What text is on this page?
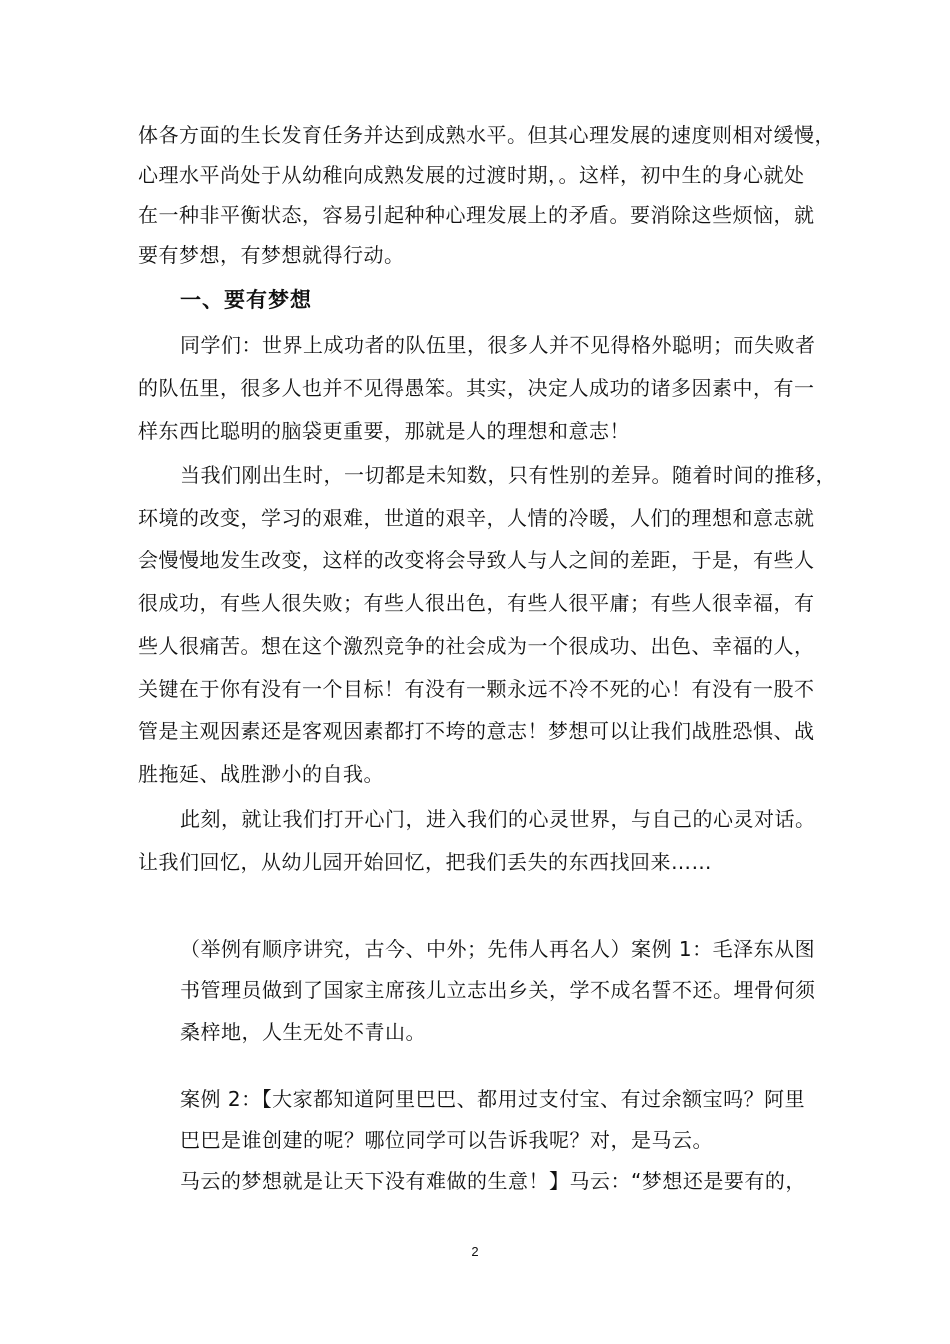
体各方面的生长发育任务并达到成熟水平。但其心理发展的速度则相对缓慢，
心理水平尚处于从幼稚向成熟发展的过渡时期，。这样，初中生的身心就处
在一种非平衡状态，容易引起种种心理发展上的矛盾。要消除这些烦恼，就
要有梦想，有梦想就得行动。
一、要有梦想
同学们：世界上成功者的队伍里，很多人并不见得格外聪明；而失败者
的队伍里，很多人也并不见得愚笨。其实，决定人成功的诸多因素中，有一
样东西比聪明的脑袋更重要，那就是人的理想和意志！
当我们刚出生时，一切都是未知数，只有性别的差异。随着时间的推移，
环境的改变，学习的艰难，世道的艰辛，人情的冷暖，人们的理想和意志就
会慢慢地发生改变，这样的改变将会导致人与人之间的差距，于是，有些人
很成功，有些人很失败；有些人很出色，有些人很平庸；有些人很幸福，有
些人很痛苦。想在这个激烈竞争的社会成为一个很成功、出色、幸福的人，
关键在于你有没有一个目标！有没有一颗永远不冷不死的心！有没有一股不
管是主观因素还是客观因素都打不垮的意志！梦想可以让我们战胜恐惧、战
胜拖延、战胜渺小的自我。
此刻，就让我们打开心门，进入我们的心灵世界，与自己的心灵对话。
让我们回忆，从幼儿园开始回忆，把我们丢失的东西找回来……
（举例有顺序讲究，古今、中外；先伟人再名人）案例 1：毛泽东从图
书管理员做到了国家主席孩儿立志出乡关，学不成名誓不还。埋骨何须
桑梓地，人生无处不青山。
案例 2：【大家都知道阿里巴巴、都用过支付宝、有过余额宝吗？阿里
巴巴是谁创建的呢？哪位同学可以告诉我呢？对，是马云。
马云的梦想就是让天下没有难做的生意！】马云：“梦想还是要有的，
2
